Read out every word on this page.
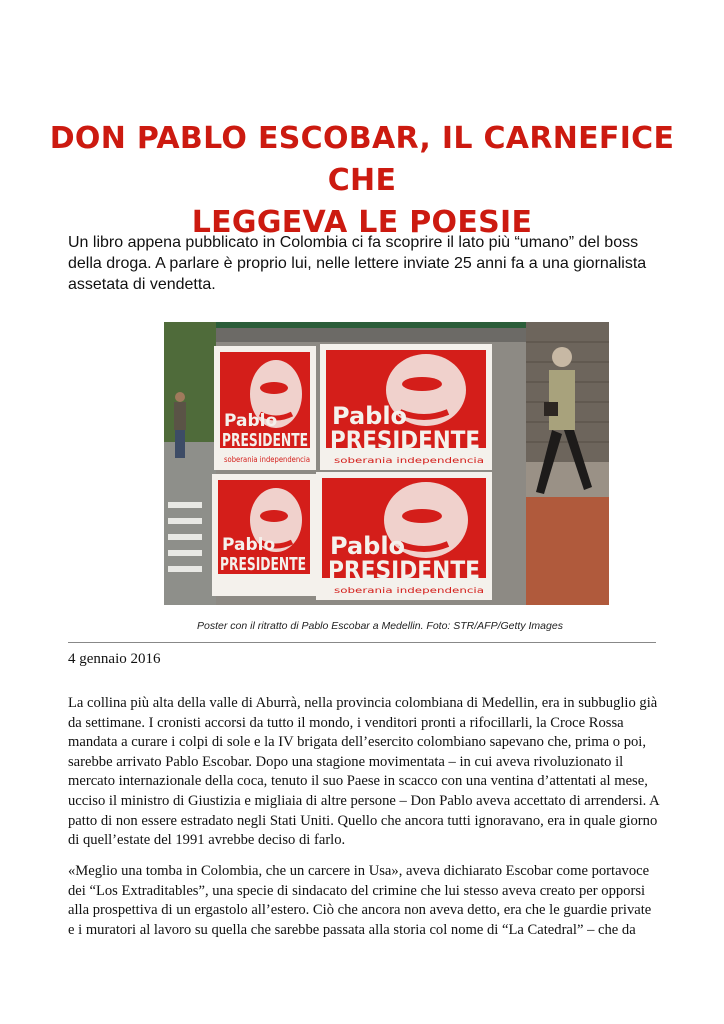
DON PABLO ESCOBAR, IL CARNEFICE CHE
LEGGEVA LE POESIE

Un libro appena pubblicato in Colombia ci fa scoprire il lato più “umano” del boss della droga. A parlare è proprio lui, nelle lettere inviate 25 anni fa a una giornalista assetata di vendetta.

Pablo
PRESIDENTE
Pablo
PRESIDENTE
Pablo
PRESIDENTE
Pablo
PRESIDENTE
soberania independencia	soberania independencia
soberania independencia

Poster con il ritratto di Pablo Escobar a Medellin. Foto: STR/AFP/Getty Images

4 gennaio 2016

La collina più alta della valle di Aburrà, nella provincia colombiana di Medellin, era in subbuglio già da settimane. I cronisti accorsi da tutto il mondo, i venditori pronti a rifocillarli, la Croce Rossa mandata a curare i colpi di sole e la IV brigata dell’esercito colombiano sapevano che, prima o poi, sarebbe arrivato Pablo Escobar. Dopo una stagione movimentata – in cui aveva rivoluzionato il mercato internazionale della coca, tenuto il suo Paese in scacco con una ventina d’attentati al mese, ucciso il ministro di Giustizia e migliaia di altre persone – Don Pablo aveva accettato di arrendersi. A patto di non essere estradato negli Stati Uniti. Quello che ancora tutti ignoravano, era in quale giorno di quell’estate del 1991 avrebbe deciso di farlo.

«Meglio una tomba in Colombia, che un carcere in Usa», aveva dichiarato Escobar come portavoce dei “Los Extraditables”, una specie di sindacato del crimine che lui stesso aveva creato per opporsi alla prospettiva di un ergastolo all’estero. Ciò che ancora non aveva detto, era che le guardie private e i muratori al lavoro su quella che sarebbe passata alla storia col nome di “La Catedral” – che da
